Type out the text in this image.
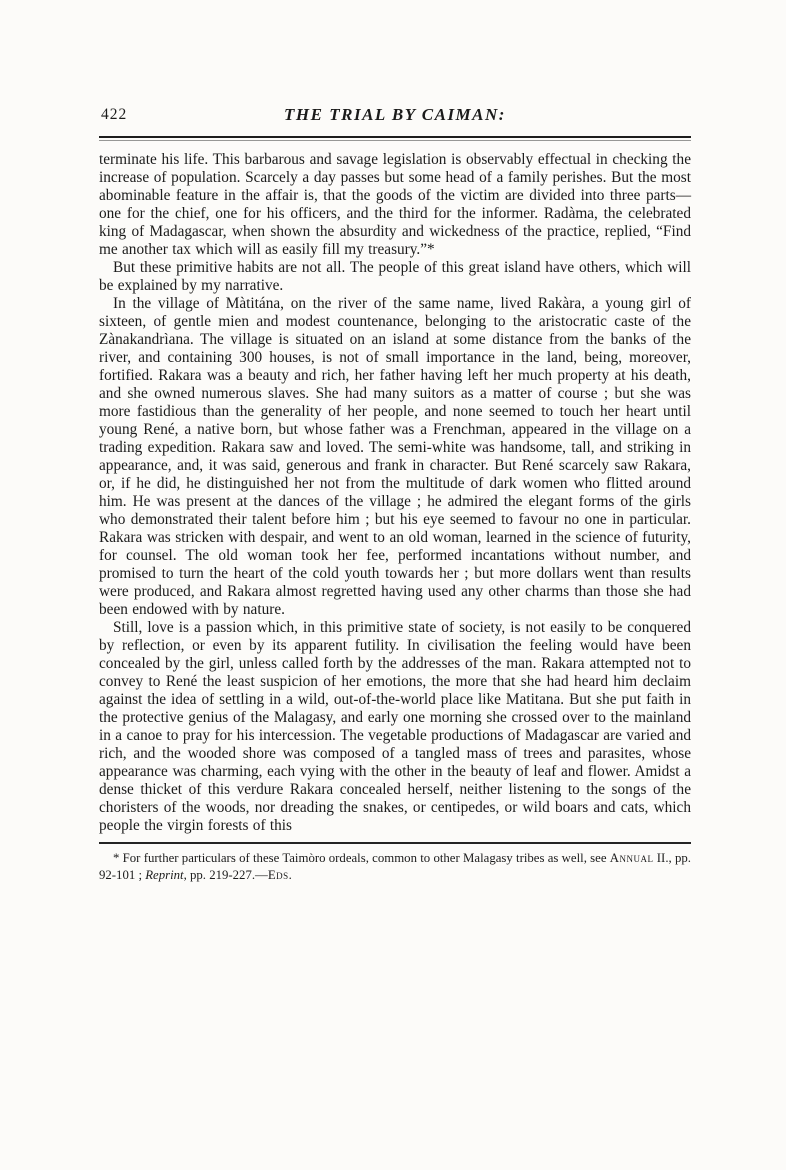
422	THE TRIAL BY CAIMAN:

terminate his life. This barbarous and savage legislation is observably effectual in checking the increase of population. Scarcely a day passes but some head of a family perishes. But the most abominable feature in the affair is, that the goods of the victim are divided into three parts—one for the chief, one for his officers, and the third for the informer. Radàma, the celebrated king of Madagascar, when shown the absurdity and wickedness of the practice, replied, “Find me another tax which will as easily fill my treasury.”*

But these primitive habits are not all. The people of this great island have others, which will be explained by my narrative.

In the village of Màtitána, on the river of the same name, lived Rakàra, a young girl of sixteen, of gentle mien and modest countenance, belonging to the aristocratic caste of the Zànakandrìana. The village is situated on an island at some distance from the banks of the river, and containing 300 houses, is not of small importance in the land, being, moreover, fortified. Rakara was a beauty and rich, her father having left her much property at his death, and she owned numerous slaves. She had many suitors as a matter of course ; but she was more fastidious than the generality of her people, and none seemed to touch her heart until young René, a native born, but whose father was a Frenchman, appeared in the village on a trading expedition. Rakara saw and loved. The semi-white was handsome, tall, and striking in appearance, and, it was said, generous and frank in character. But René scarcely saw Rakara, or, if he did, he distinguished her not from the multitude of dark women who flitted around him. He was present at the dances of the village ; he admired the elegant forms of the girls who demonstrated their talent before him ; but his eye seemed to favour no one in particular. Rakara was stricken with despair, and went to an old woman, learned in the science of futurity, for counsel. The old woman took her fee, performed incantations without number, and promised to turn the heart of the cold youth towards her ; but more dollars went than results were produced, and Rakara almost regretted having used any other charms than those she had been endowed with by nature.

Still, love is a passion which, in this primitive state of society, is not easily to be conquered by reflection, or even by its apparent futility. In civilisation the feeling would have been concealed by the girl, unless called forth by the addresses of the man. Rakara attempted not to convey to René the least suspicion of her emotions, the more that she had heard him declaim against the idea of settling in a wild, out-of-the-world place like Matitana. But she put faith in the protective genius of the Malagasy, and early one morning she crossed over to the mainland in a canoe to pray for his intercession. The vegetable productions of Madagascar are varied and rich, and the wooded shore was composed of a tangled mass of trees and parasites, whose appearance was charming, each vying with the other in the beauty of leaf and flower. Amidst a dense thicket of this verdure Rakara concealed herself, neither listening to the songs of the choristers of the woods, nor dreading the snakes, or centipedes, or wild boars and cats, which people the virgin forests of this

* For further particulars of these Taimòro ordeals, common to other Malagasy tribes as well, see Annual II., pp. 92-101 ; Reprint, pp. 219-227.—Eds.
